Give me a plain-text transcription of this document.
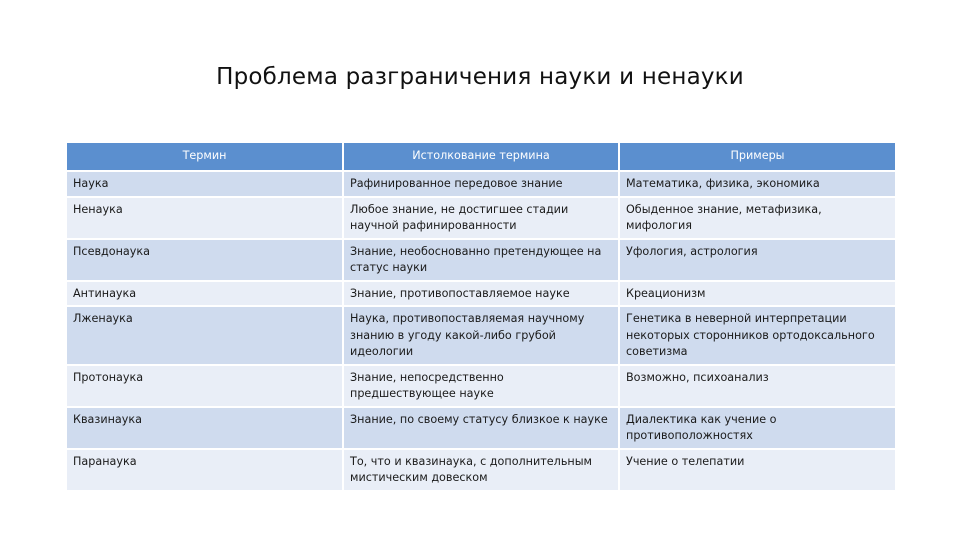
Проблема разграничения науки и ненауки
Термин	Истолкование термина	Примеры
Наука	Рафинированное передовое знание	Математика, физика, экономика
Ненаука	Любое знание, не достигшее стадии научной рафинированности	Обыденное знание, метафизика, мифология
Псевдонаука	Знание, необоснованно претендующее на статус науки	Уфология, астрология
Антинаука	Знание, противопоставляемое науке	Креационизм
Лженаука	Наука, противопоставляемая научному знанию в угоду какой-либо грубой идеологии	Генетика в неверной интерпретации некоторых сторонников ортодоксального советизма
Протонаука	Знание, непосредственно предшествующее науке	Возможно, психоанализ
Квазинаука	Знание, по своему статусу близкое к науке	Диалектика как учение о противоположностях
Паранаука	То, что и квазинаука, с дополнительным мистическим довеском	Учение о телепатии
